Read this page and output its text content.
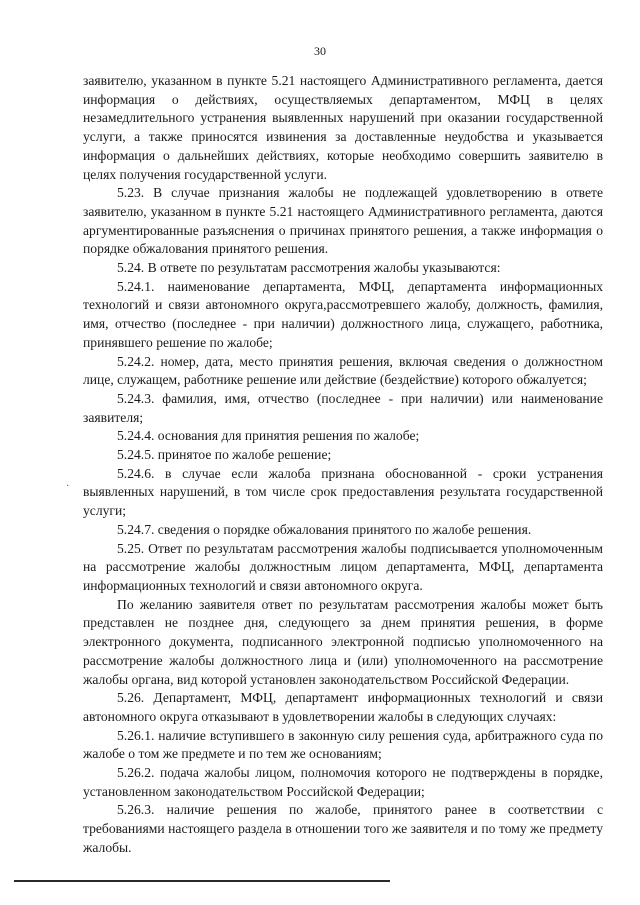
30

заявителю, указанном в пункте 5.21 настоящего Административного регламента, дается информация о действиях, осуществляемых департаментом, МФЦ в целях незамедлительного устранения выявленных нарушений при оказании государственной услуги, а также приносятся извинения за доставленные неудобства и указывается информация о дальнейших действиях, которые необходимо совершить заявителю в целях получения государственной услуги.

5.23. В случае признания жалобы не подлежащей удовлетворению в ответе заявителю, указанном в пункте 5.21 настоящего Административного регламента, даются аргументированные разъяснения о причинах принятого решения, а также информация о порядке обжалования принятого решения.

5.24. В ответе по результатам рассмотрения жалобы указываются:

5.24.1. наименование департамента, МФЦ, департамента информационных технологий и связи автономного округа,рассмотревшего жалобу, должность, фамилия, имя, отчество (последнее - при наличии) должностного лица, служащего, работника, принявшего решение по жалобе;

5.24.2. номер, дата, место принятия решения, включая сведения о должностном лице, служащем, работнике решение или действие (бездействие) которого обжалуется;

5.24.3. фамилия, имя, отчество (последнее - при наличии) или наименование заявителя;

5.24.4. основания для принятия решения по жалобе;

5.24.5. принятое по жалобе решение;

5.24.6. в случае если жалоба признана обоснованной - сроки устранения выявленных нарушений, в том числе срок предоставления результата государственной услуги;

5.24.7. сведения о порядке обжалования принятого по жалобе решения.

5.25. Ответ по результатам рассмотрения жалобы подписывается уполномоченным на рассмотрение жалобы должностным лицом департамента, МФЦ, департамента информационных технологий и связи автономного округа.

По желанию заявителя ответ по результатам рассмотрения жалобы может быть представлен не позднее дня, следующего за днем принятия решения, в форме электронного документа, подписанного электронной подписью уполномоченного на рассмотрение жалобы должностного лица и (или) уполномоченного на рассмотрение жалобы органа, вид которой установлен законодательством Российской Федерации.

5.26. Департамент, МФЦ, департамент информационных технологий и связи автономного округа отказывают в удовлетворении жалобы в следующих случаях:

5.26.1. наличие вступившего в законную силу решения суда, арбитражного суда по жалобе о том же предмете и по тем же основаниям;

5.26.2. подача жалобы лицом, полномочия которого не подтверждены в порядке, установленном законодательством Российской Федерации;

5.26.3. наличие решения по жалобе, принятого ранее в соответствии с требованиями настоящего раздела в отношении того же заявителя и по тому же предмету жалобы.

·
